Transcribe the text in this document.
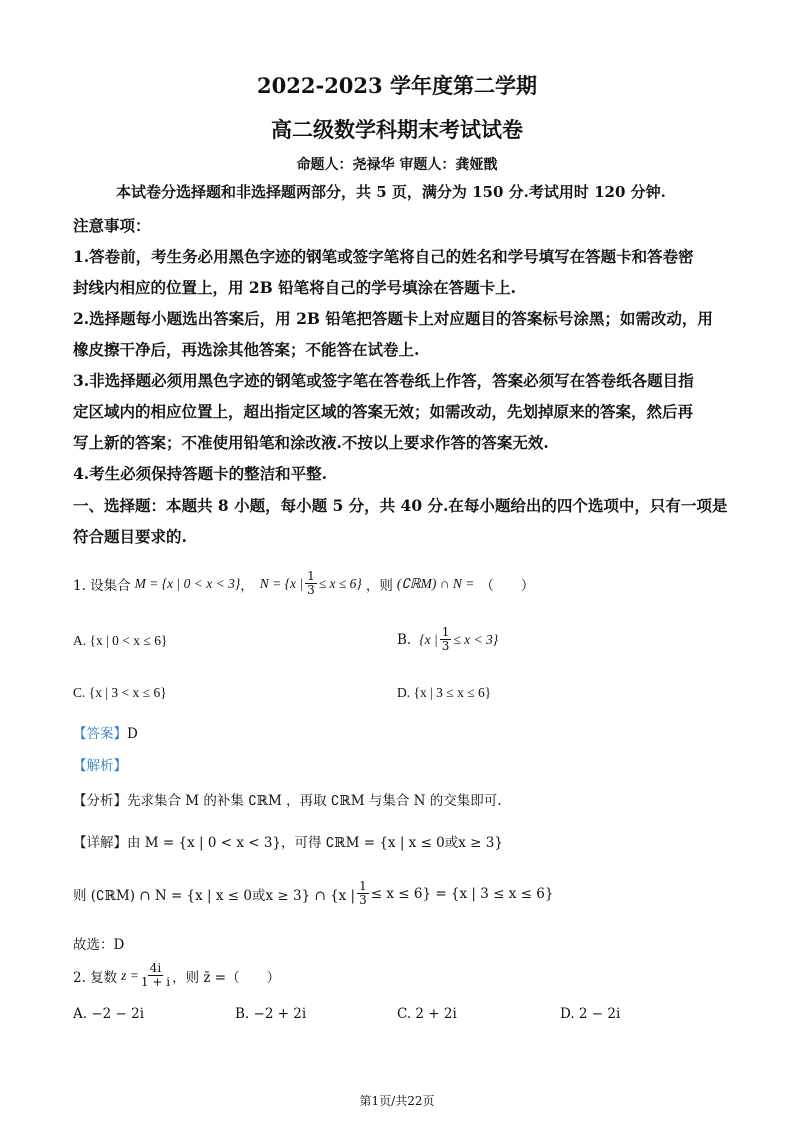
2022-2023 学年度第二学期
高二级数学科期末考试试卷
命题人：尧禄华 审题人：龚娅戬
本试卷分选择题和非选择题两部分，共 5 页，满分为 150 分.考试用时 120 分钟.
注意事项：
1.答卷前，考生务必用黑色字迹的钢笔或签字笔将自己的姓名和学号填写在答题卡和答卷密
封线内相应的位置上，用 2B 铅笔将自己的学号填涂在答题卡上.
2.选择题每小题选出答案后，用 2B 铅笔把答题卡上对应题目的答案标号涂黑；如需改动，用
橡皮擦干净后，再选涂其他答案；不能答在试卷上.
3.非选择题必须用黑色字迹的钢笔或签字笔在答卷纸上作答，答案必须写在答卷纸各题目指
定区域内的相应位置上，超出指定区域的答案无效；如需改动，先划掉原来的答案，然后再
写上新的答案；不准使用铅笔和涂改液.不按以上要求作答的答案无效.
4.考生必须保持答题卡的整洁和平整.
一、选择题：本题共 8 小题，每小题 5 分，共 40 分.在每小题给出的四个选项中，只有一项是
符合题目要求的.
1. 设集合 M = {x | 0 < x < 3} ， N = {x | $\frac{1}{3} \le x \le 6$} ，则 (∁ℝM) ∩ N = （　　）
A. {x | 0 < x ≤ 6}	B. {x | $\frac{1}{3} \le x < 3$}
C. {x | 3 < x ≤ 6}	D. {x | 3 ≤ x ≤ 6}
【答案】D
【解析】
【分析】先求集合 M 的补集 ∁ℝM ，再取 ∁ℝM 与集合 N 的交集即可.
【详解】由 M = {x | 0 < x < 3}，可得 ∁ℝM = {x | x ≤ 0或x ≥ 3}
则 (∁ℝM) ∩ N = {x | x ≤ 0或x ≥ 3} ∩ {x | $\frac{1}{3} \le x \le 6\} = \{x$ | 3 ≤ x ≤ 6}
故选：D
2. 复数 $z = \frac{4i}{1 + i}$ ，则 z̄ =（　　）
A. −2 − 2i	B. −2 + 2i	C. 2 + 2i	D. 2 − 2i
第1页/共22页
